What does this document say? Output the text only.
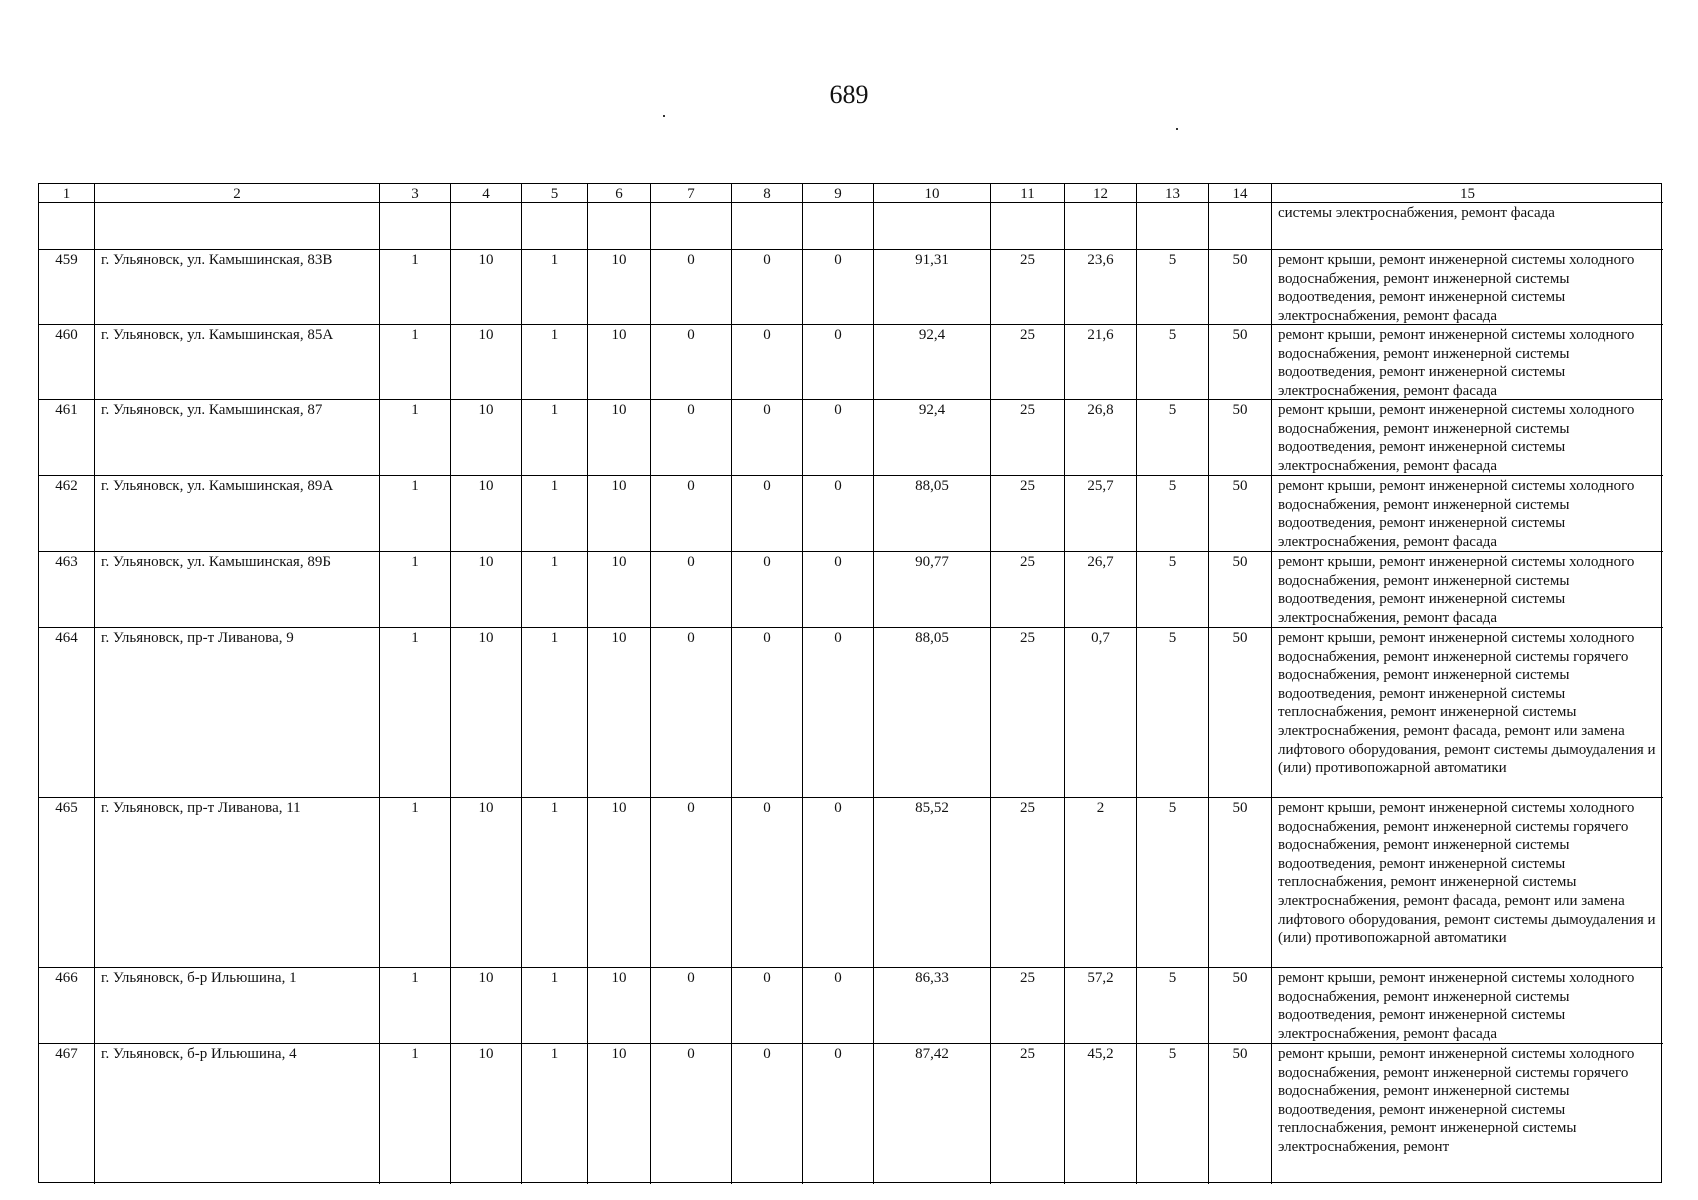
689
1	2	3	4	5	6	7	8	9	10	11	12	13	14	15
системы электроснабжения, ремонт фасада
459	г. Ульяновск, ул. Камышинская, 83В	1	10	1	10	0	0	0	91,31	25	23,6	5	50	ремонт крыши, ремонт инженерной системы холодного водоснабжения, ремонт инженерной системы водоотведения, ремонт инженерной системы электроснабжения, ремонт фасада
460	г. Ульяновск, ул. Камышинская, 85А	1	10	1	10	0	0	0	92,4	25	21,6	5	50	ремонт крыши, ремонт инженерной системы холодного водоснабжения, ремонт инженерной системы водоотведения, ремонт инженерной системы электроснабжения, ремонт фасада
461	г. Ульяновск, ул. Камышинская, 87	1	10	1	10	0	0	0	92,4	25	26,8	5	50	ремонт крыши, ремонт инженерной системы холодного водоснабжения, ремонт инженерной системы водоотведения, ремонт инженерной системы электроснабжения, ремонт фасада
462	г. Ульяновск, ул. Камышинская, 89А	1	10	1	10	0	0	0	88,05	25	25,7	5	50	ремонт крыши, ремонт инженерной системы холодного водоснабжения, ремонт инженерной системы водоотведения, ремонт инженерной системы электроснабжения, ремонт фасада
463	г. Ульяновск, ул. Камышинская, 89Б	1	10	1	10	0	0	0	90,77	25	26,7	5	50	ремонт крыши, ремонт инженерной системы холодного водоснабжения, ремонт инженерной системы водоотведения, ремонт инженерной системы электроснабжения, ремонт фасада
464	г. Ульяновск, пр-т Ливанова, 9	1	10	1	10	0	0	0	88,05	25	0,7	5	50	ремонт крыши, ремонт инженерной системы холодного водоснабжения, ремонт инженерной системы горячего водоснабжения, ремонт инженерной системы водоотведения, ремонт инженерной системы теплоснабжения, ремонт инженерной системы электроснабжения, ремонт фасада, ремонт или замена лифтового оборудования, ремонт системы дымоудаления и (или) противопожарной автоматики
465	г. Ульяновск, пр-т Ливанова, 11	1	10	1	10	0	0	0	85,52	25	2	5	50	ремонт крыши, ремонт инженерной системы холодного водоснабжения, ремонт инженерной системы горячего водоснабжения, ремонт инженерной системы водоотведения, ремонт инженерной системы теплоснабжения, ремонт инженерной системы электроснабжения, ремонт фасада, ремонт или замена лифтового оборудования, ремонт системы дымоудаления и (или) противопожарной автоматики
466	г. Ульяновск, б-р Ильюшина, 1	1	10	1	10	0	0	0	86,33	25	57,2	5	50	ремонт крыши, ремонт инженерной системы холодного водоснабжения, ремонт инженерной системы водоотведения, ремонт инженерной системы электроснабжения, ремонт фасада
467	г. Ульяновск, б-р Ильюшина, 4	1	10	1	10	0	0	0	87,42	25	45,2	5	50	ремонт крыши, ремонт инженерной системы холодного водоснабжения, ремонт инженерной системы горячего водоснабжения, ремонт инженерной системы водоотведения, ремонт инженерной системы теплоснабжения, ремонт инженерной системы электроснабжения, ремонт
